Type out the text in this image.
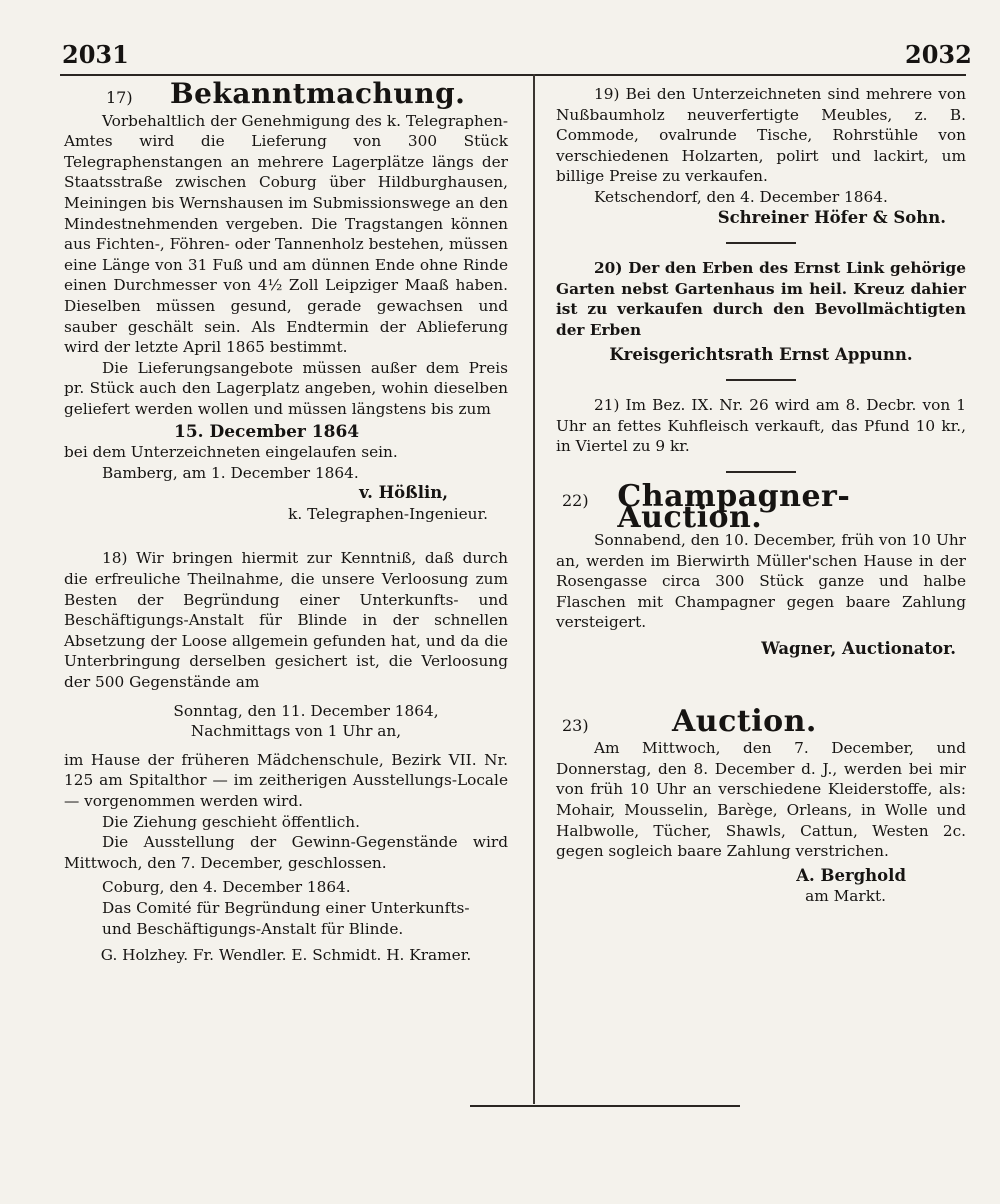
2031	2032
17)	Bekanntmachung.

Vorbehaltlich der Genehmigung des k. Telegraphen-Amtes wird die Lieferung von 300 Stück Telegraphenstangen an mehrere Lagerplätze längs der Staatsstraße zwischen Coburg über Hildburghausen, Meiningen bis Wernshausen im Submissionswege an den Mindestnehmenden vergeben. Die Tragstangen können aus Fichten-, Föhren- oder Tannenholz bestehen, müssen eine Länge von 31 Fuß und am dünnen Ende ohne Rinde einen Durchmesser von 4½ Zoll Leipziger Maaß haben. Dieselben müssen gesund, gerade gewachsen und sauber geschält sein. Als Endtermin der Ablieferung wird der letzte April 1865 bestimmt.

Die Lieferungsangebote müssen außer dem Preis pr. Stück auch den Lagerplatz angeben, wohin dieselben geliefert werden wollen und müssen längstens bis zum

15. December 1864

bei dem Unterzeichneten eingelaufen sein.

Bamberg, am 1. December 1864.

v. Hößlin,

k. Telegraphen-Ingenieur.

18) Wir bringen hiermit zur Kenntniß, daß durch die erfreuliche Theilnahme, die unsere Verloosung zum Besten der Begründung einer Unterkunfts- und Beschäftigungs-Anstalt für Blinde in der schnellen Absetzung der Loose allgemein gefunden hat, und da die Unterbringung derselben gesichert ist, die Verloosung der 500 Gegenstände am

Sonntag, den 11. December 1864,

Nachmittags von 1 Uhr an,

im Hause der früheren Mädchenschule, Bezirk VII. Nr. 125 am Spitalthor — im zeitherigen Ausstellungs-Locale — vorgenommen werden wird.

Die Ziehung geschieht öffentlich.

Die Ausstellung der Gewinn-Gegenstände wird Mittwoch, den 7. December, geschlossen.

Coburg, den 4. December 1864.

Das Comité für Begründung einer Unterkunfts-

und Beschäftigungs-Anstalt für Blinde.

G. Holzhey. Fr. Wendler. E. Schmidt. H. Kramer.

19) Bei den Unterzeichneten sind mehrere von Nußbaumholz neuverfertigte Meubles, z. B. Commode, ovalrunde Tische, Rohrstühle von verschiedenen Holzarten, polirt und lackirt, um billige Preise zu verkaufen.

Ketschendorf, den 4. December 1864.

Schreiner Höfer & Sohn.

20) Der den Erben des Ernst Link gehörige Garten nebst Gartenhaus im heil. Kreuz dahier ist zu verkaufen durch den Bevollmächtigten der Erben

Kreisgerichtsrath Ernst Appunn.

21) Im Bez. IX. Nr. 26 wird am 8. Decbr. von 1 Uhr an fettes Kuhfleisch verkauft, das Pfund 10 kr., in Viertel zu 9 kr.

22) Champagner-Auction.

Sonnabend, den 10. December, früh von 10 Uhr an, werden im Bierwirth Müller'schen Hause in der Rosengasse circa 300 Stück ganze und halbe Flaschen mit Champagner gegen baare Zahlung versteigert.

Wagner, Auctionator.

23)	Auction.

Am Mittwoch, den 7. December, und Donnerstag, den 8. December d. J., werden bei mir von früh 10 Uhr an verschiedene Kleiderstoffe, als: Mohair, Mousselin, Barège, Orleans, in Wolle und Halbwolle, Tücher, Shawls, Cattun, Westen 2c. gegen sogleich baare Zahlung verstrichen.

A. Berghold

am Markt.
